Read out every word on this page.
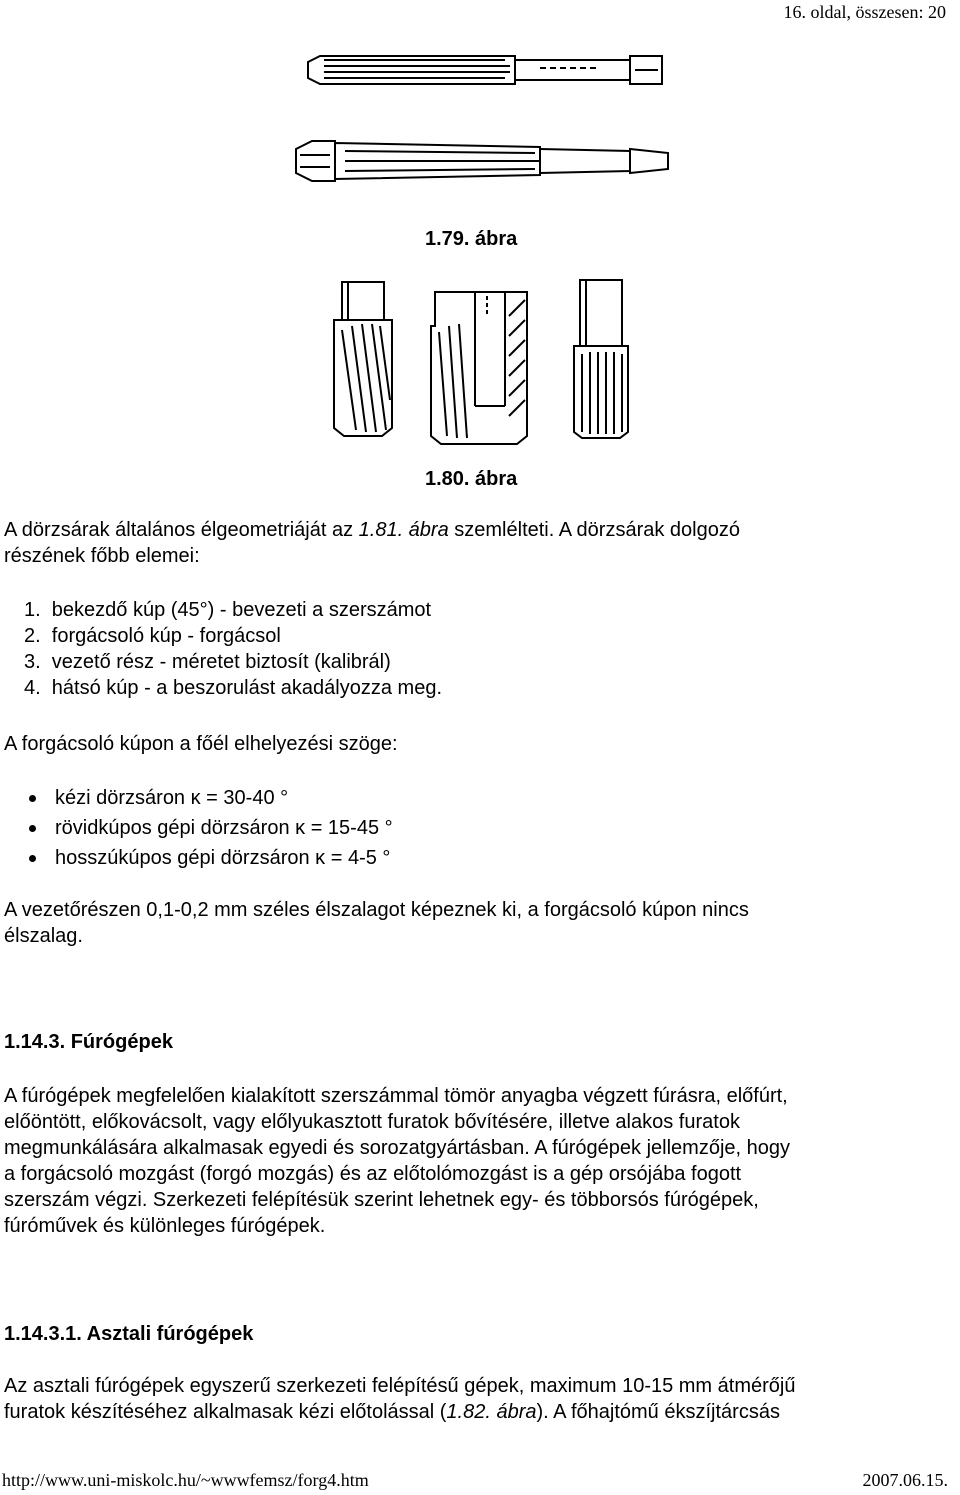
16. oldal, összesen: 20
1.79. ábra
1.80. ábra
A dörzsárak általános élgeometriáját az 1.81. ábra szemlélteti. A dörzsárak dolgozó
részének főbb elemei:
1.  bekezdő kúp (45°) - bevezeti a szerszámot
2.  forgácsoló kúp - forgácsol
3.  vezető rész - méretet biztosít (kalibrál)
4.  hátsó kúp - a beszorulást akadályozza meg.
A forgácsoló kúpon a főél elhelyezési szöge:
kézi dörzsáron κ = 30-40 °
rövidkúpos gépi dörzsáron κ = 15-45 °
hosszúkúpos gépi dörzsáron κ = 4-5 °
A vezetőrészen 0,1-0,2 mm széles élszalagot képeznek ki, a forgácsoló kúpon nincs
élszalag.
1.14.3. Fúrógépek
A fúrógépek megfelelően kialakított szerszámmal tömör anyagba végzett fúrásra, előfúrt,
előöntött, előkovácsolt, vagy előlyukasztott furatok bővítésére, illetve alakos furatok
megmunkálására alkalmasak egyedi és sorozatgyártásban. A fúrógépek jellemzője, hogy
a forgácsoló mozgást (forgó mozgás) és az előtolómozgást is a gép orsójába fogott
szerszám végzi. Szerkezeti felépítésük szerint lehetnek egy- és többorsós fúrógépek,
fúróművek és különleges fúrógépek.
1.14.3.1. Asztali fúrógépek
Az asztali fúrógépek egyszerű szerkezeti felépítésű gépek, maximum 10-15 mm átmérőjű
furatok készítéséhez alkalmasak kézi előtolással (1.82. ábra). A főhajtómű ékszíjtárcsás
http://www.uni-miskolc.hu/~wwwfemsz/forg4.htm	2007.06.15.
